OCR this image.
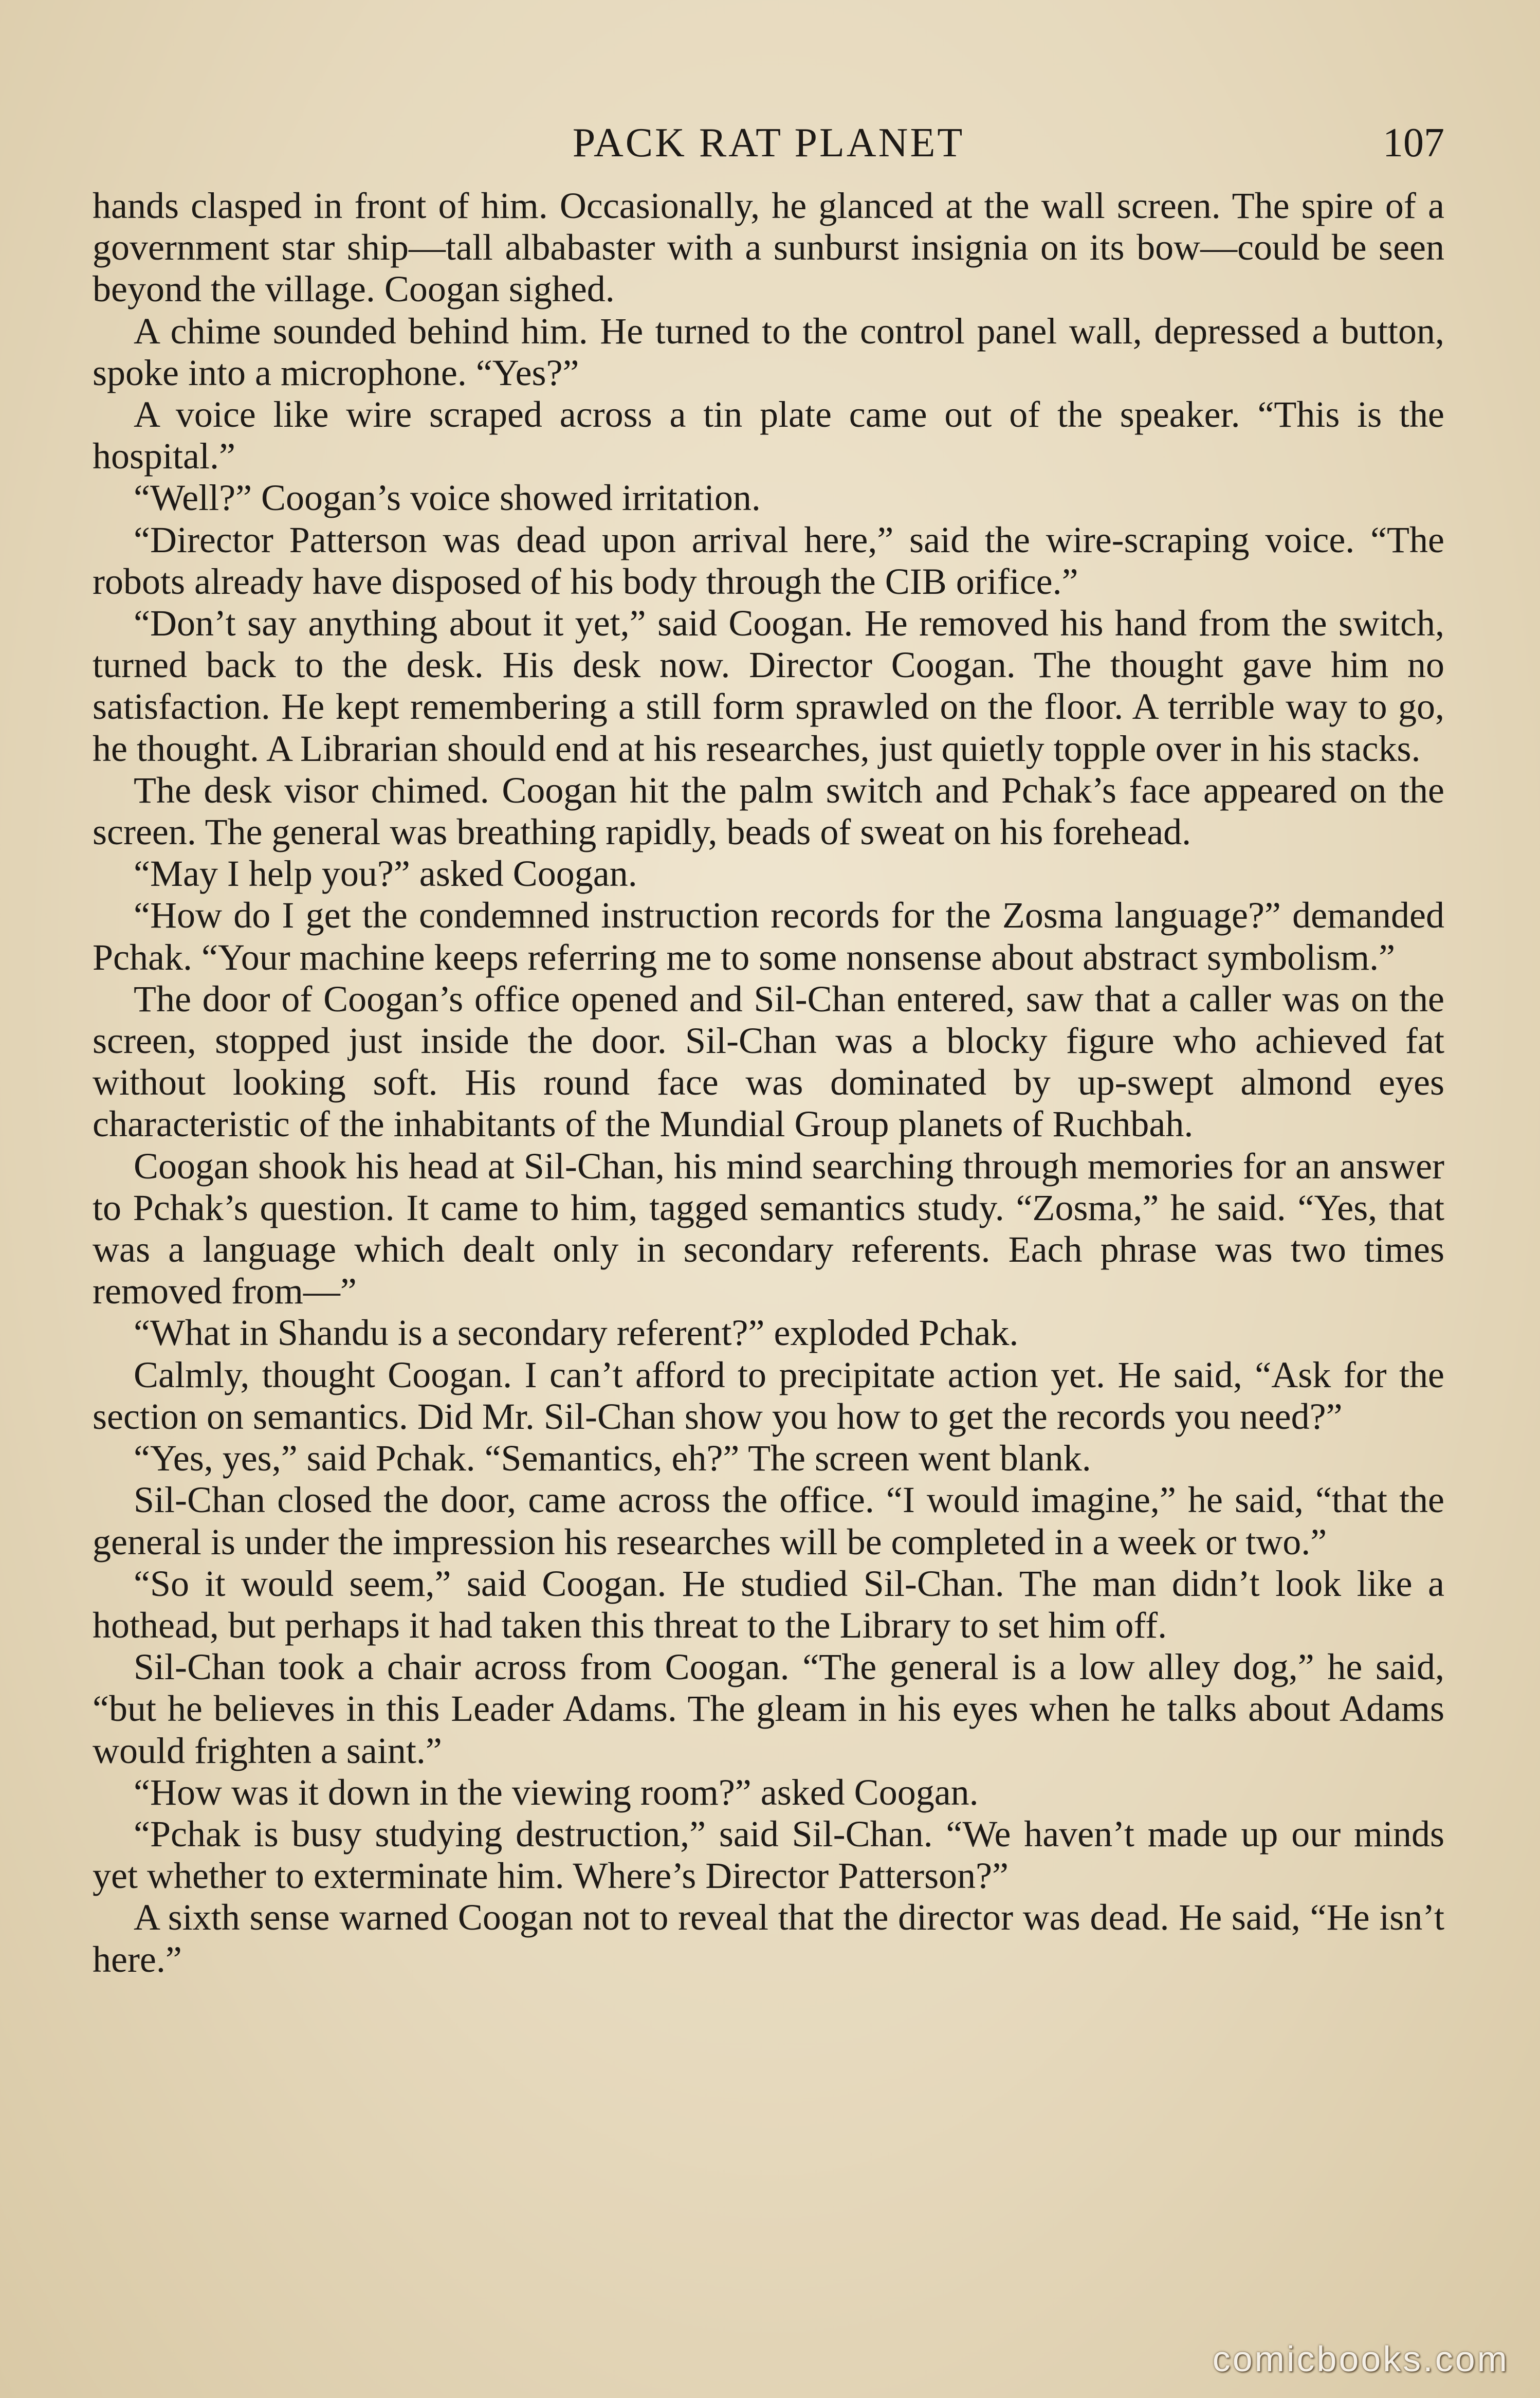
PACK RAT PLANET	107

hands clasped in front of him. Occasionally, he glanced at the wall screen. The spire of a government star ship—tall albabaster with a sunburst insignia on its bow—could be seen beyond the village. Coogan sighed.

A chime sounded behind him. He turned to the control panel wall, depressed a button, spoke into a microphone. “Yes?”

A voice like wire scraped across a tin plate came out of the speaker. “This is the hospital.”

“Well?” Coogan’s voice showed irritation.

“Director Patterson was dead upon arrival here,” said the wire-scraping voice. “The robots already have disposed of his body through the CIB orifice.”

“Don’t say anything about it yet,” said Coogan. He removed his hand from the switch, turned back to the desk. His desk now. Director Coogan. The thought gave him no satisfaction. He kept remembering a still form sprawled on the floor. A terrible way to go, he thought. A Librarian should end at his researches, just quietly topple over in his stacks.

The desk visor chimed. Coogan hit the palm switch and Pchak’s face appeared on the screen. The general was breathing rapidly, beads of sweat on his forehead.

“May I help you?” asked Coogan.

“How do I get the condemned instruction records for the Zosma language?” demanded Pchak. “Your machine keeps referring me to some nonsense about abstract symbolism.”

The door of Coogan’s office opened and Sil-Chan entered, saw that a caller was on the screen, stopped just inside the door. Sil-Chan was a blocky figure who achieved fat without looking soft. His round face was dominated by up-swept almond eyes characteristic of the inhabitants of the Mundial Group planets of Ruchbah.

Coogan shook his head at Sil-Chan, his mind searching through memories for an answer to Pchak’s question. It came to him, tagged semantics study. “Zosma,” he said. “Yes, that was a language which dealt only in secondary referents. Each phrase was two times removed from—”

“What in Shandu is a secondary referent?” exploded Pchak.

Calmly, thought Coogan. I can’t afford to precipitate action yet. He said, “Ask for the section on semantics. Did Mr. Sil-Chan show you how to get the records you need?”

“Yes, yes,” said Pchak. “Semantics, eh?” The screen went blank.

Sil-Chan closed the door, came across the office. “I would imagine,” he said, “that the general is under the impression his researches will be completed in a week or two.”

“So it would seem,” said Coogan. He studied Sil-Chan. The man didn’t look like a hothead, but perhaps it had taken this threat to the Library to set him off.

Sil-Chan took a chair across from Coogan. “The general is a low alley dog,” he said, “but he believes in this Leader Adams. The gleam in his eyes when he talks about Adams would frighten a saint.”

“How was it down in the viewing room?” asked Coogan.

“Pchak is busy studying destruction,” said Sil-Chan. “We haven’t made up our minds yet whether to exterminate him. Where’s Director Patterson?”

A sixth sense warned Coogan not to reveal that the director was dead. He said, “He isn’t here.”

comicbooks.com
